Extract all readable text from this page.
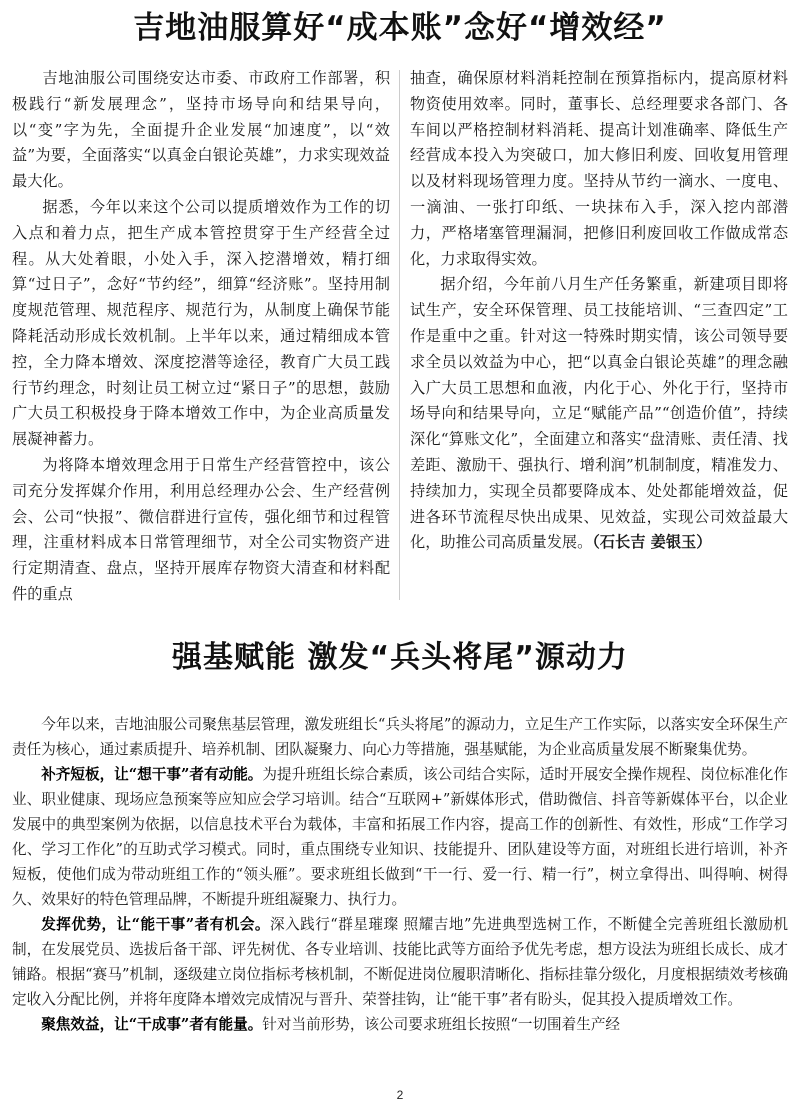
吉地油服算好“成本账”念好“增效经”

吉地油服公司围绕安达市委、市政府工作部署，积极践行“新发展理念”，坚持市场导向和结果导向，以“变”字为先，全面提升企业发展“加速度”，以“效益”为要，全面落实“以真金白银论英雄”，力求实现效益最大化。

据悉，今年以来这个公司以提质增效作为工作的切入点和着力点，把生产成本管控贯穿于生产经营全过程。从大处着眼，小处入手，深入挖潜增效，精打细算“过日子”，念好“节约经”，细算“经济账”。坚持用制度规范管理、规范程序、规范行为，从制度上确保节能降耗活动形成长效机制。上半年以来，通过精细成本管控，全力降本增效、深度挖潜等途径，教育广大员工践行节约理念，时刻让员工树立过“紧日子”的思想，鼓励广大员工积极投身于降本增效工作中，为企业高质量发展凝神蓄力。

为将降本增效理念用于日常生产经营管控中，该公司充分发挥媒介作用，利用总经理办公会、生产经营例会、公司“快报”、微信群进行宣传，强化细节和过程管理，注重材料成本日常管理细节，对全公司实物资产进行定期清查、盘点，坚持开展库存物资大清查和材料配件的重点

抽查，确保原材料消耗控制在预算指标内，提高原材料物资使用效率。同时，董事长、总经理要求各部门、各车间以严格控制材料消耗、提高计划准确率、降低生产经营成本投入为突破口，加大修旧利废、回收复用管理以及材料现场管理力度。坚持从节约一滴水、一度电、一滴油、一张打印纸、一块抹布入手，深入挖内部潜力，严格堵塞管理漏洞，把修旧利废回收工作做成常态化，力求取得实效。

据介绍，今年前八月生产任务繁重，新建项目即将试生产，安全环保管理、员工技能培训、“三查四定”工作是重中之重。针对这一特殊时期实情，该公司领导要求全员以效益为中心，把“以真金白银论英雄”的理念融入广大员工思想和血液，内化于心、外化于行，坚持市场导向和结果导向，立足“赋能产品”“创造价值”，持续深化“算账文化”，全面建立和落实“盘清账、责任清、找差距、激励干、强执行、增利润”机制制度，精准发力、持续加力，实现全员都要降成本、处处都能增效益，促进各环节流程尽快出成果、见效益，实现公司效益最大化，助推公司高质量发展。（石长吉 姜银玉）

强基赋能 激发“兵头将尾”源动力

今年以来，吉地油服公司聚焦基层管理，激发班组长“兵头将尾”的源动力，立足生产工作实际，以落实安全环保生产责任为核心，通过素质提升、培养机制、团队凝聚力、向心力等措施，强基赋能，为企业高质量发展不断聚集优势。

补齐短板，让“想干事”者有动能。为提升班组长综合素质，该公司结合实际，适时开展安全操作规程、岗位标准化作业、职业健康、现场应急预案等应知应会学习培训。结合“互联网+”新媒体形式，借助微信、抖音等新媒体平台，以企业发展中的典型案例为依据，以信息技术平台为载体，丰富和拓展工作内容，提高工作的创新性、有效性，形成“工作学习化、学习工作化”的互助式学习模式。同时，重点围绕专业知识、技能提升、团队建设等方面，对班组长进行培训，补齐短板，使他们成为带动班组工作的“领头雁”。要求班组长做到“干一行、爱一行、精一行”，树立拿得出、叫得响、树得久、效果好的特色管理品牌，不断提升班组凝聚力、执行力。

发挥优势，让“能干事”者有机会。深入践行“群星璀璨 照耀吉地”先进典型选树工作，不断健全完善班组长激励机制，在发展党员、选拔后备干部、评先树优、各专业培训、技能比武等方面给予优先考虑，想方设法为班组长成长、成才铺路。根据“赛马”机制，逐级建立岗位指标考核机制，不断促进岗位履职清晰化、指标挂靠分级化，月度根据绩效考核确定收入分配比例，并将年度降本增效完成情况与晋升、荣誉挂钩，让“能干事”者有盼头，促其投入提质增效工作。

聚焦效益，让“干成事”者有能量。针对当前形势，该公司要求班组长按照“一切围着生产经

2
